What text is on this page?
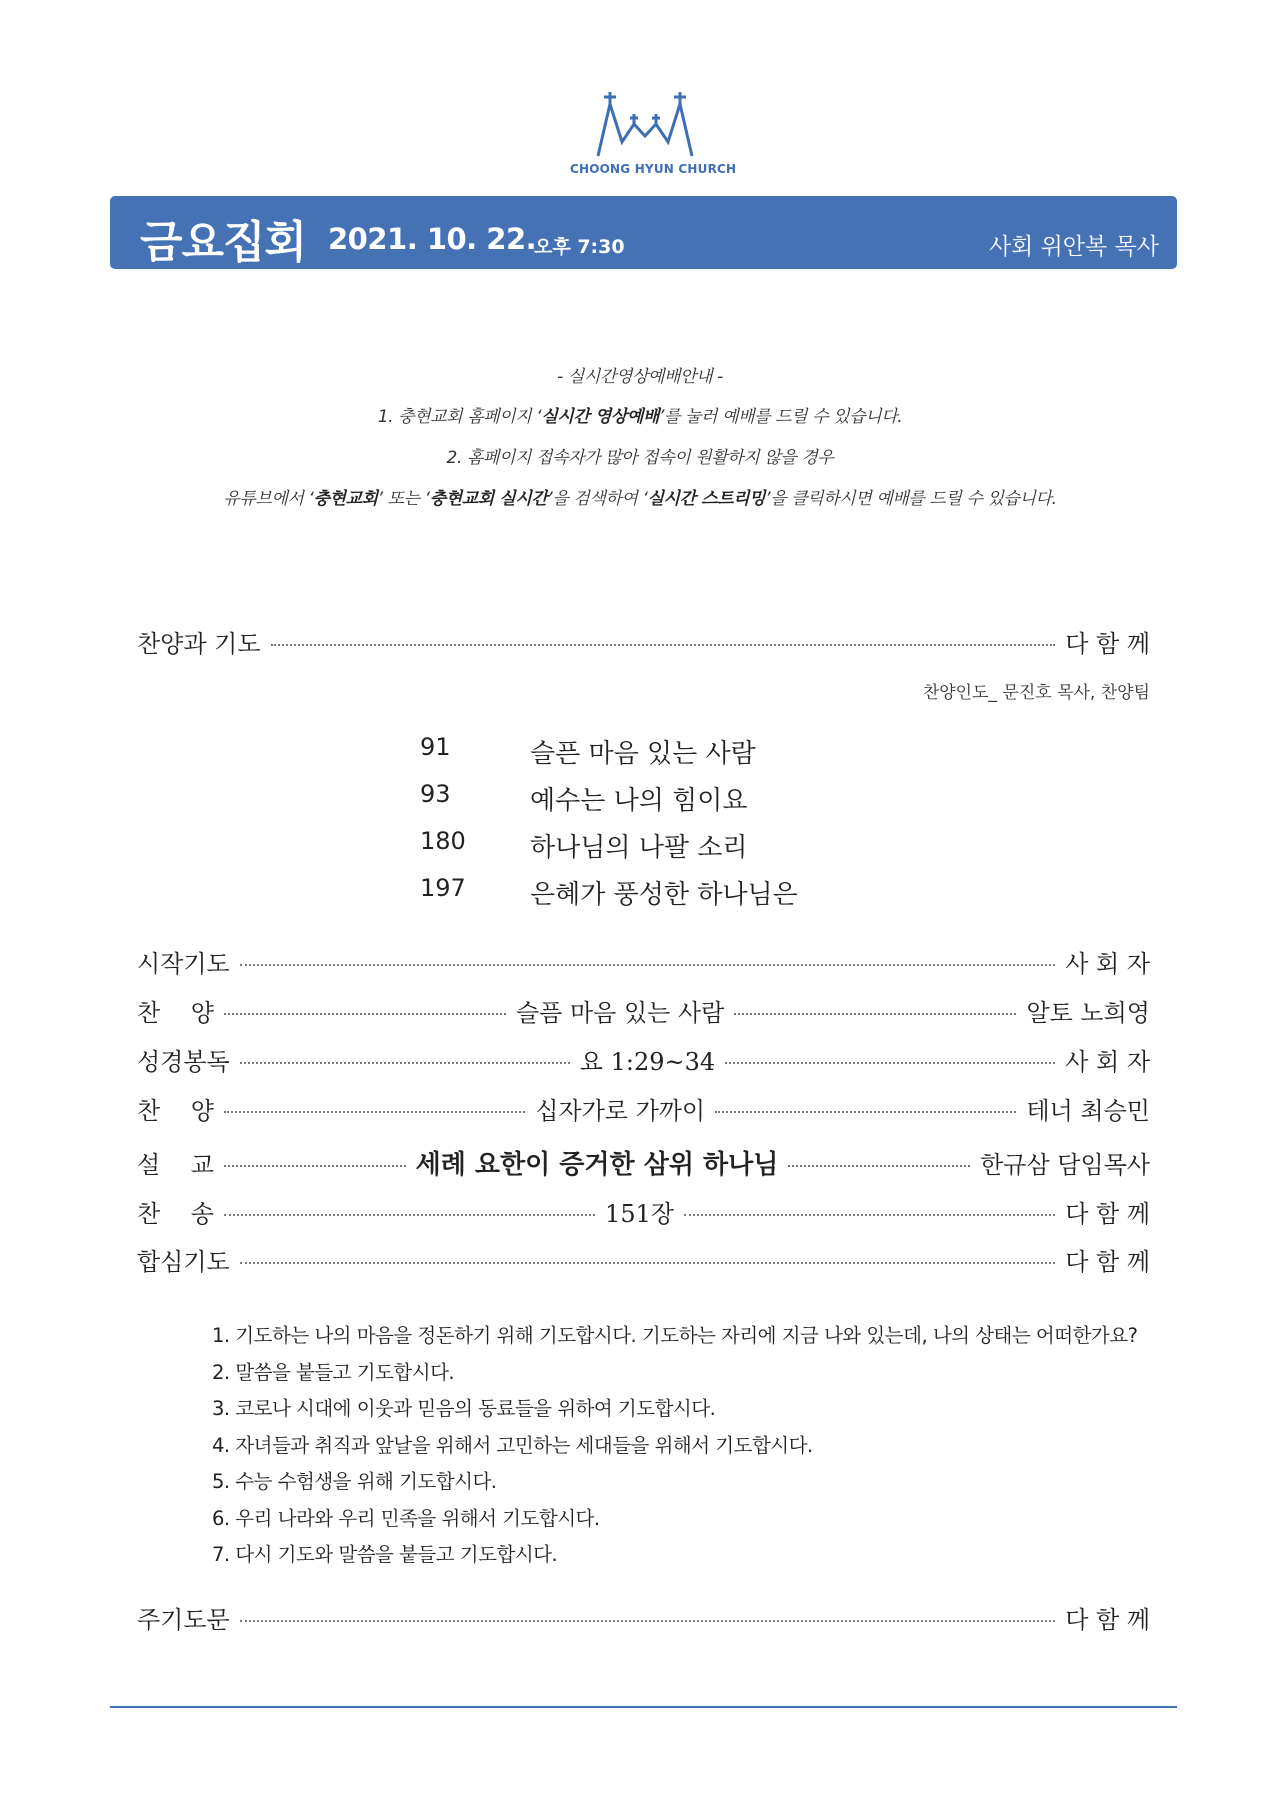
CHOONG HYUN CHURCH
금요집회 2021. 10. 22.
오후 7:30	사회 위안복 목사
- 실시간영상예배안내 -
1. 충현교회 홈페이지 ‘실시간 영상예배’를 눌러 예배를 드릴 수 있습니다.
2. 홈페이지 접속자가 많아 접속이 원활하지 않을 경우
유튜브에서 ‘충현교회’ 또는 ‘충현교회 실시간’을 검색하여 ‘실시간 스트리밍’을 클릭하시면 예배를 드릴 수 있습니다.
찬양과 기도	다 함 께
찬양인도_ 문진호 목사, 찬양팀
91	슬픈 마음 있는 사람
93	예수는 나의 힘이요
180	하나님의 나팔 소리
197	은혜가 풍성한 하나님은
시작기도	사 회 자
찬    양	슬픔 마음 있는 사람	알토 노희영
성경봉독	요 1:29~34	사 회 자
찬    양	십자가로 가까이	테너 최승민
설    교	세례 요한이 증거한 삼위 하나님	한규삼 담임목사
찬    송	151장	다 함 께
합심기도	다 함 께
1. 기도하는 나의 마음을 정돈하기 위해 기도합시다. 기도하는 자리에 지금 나와 있는데, 나의 상태는 어떠한가요?
2. 말씀을 붙들고 기도합시다.
3. 코로나 시대에 이웃과 믿음의 동료들을 위하여 기도합시다.
4. 자녀들과 취직과 앞날을 위해서 고민하는 세대들을 위해서 기도합시다.
5. 수능 수험생을 위해 기도합시다.
6. 우리 나라와 우리 민족을 위해서 기도합시다.
7. 다시 기도와 말씀을 붙들고 기도합시다.
주기도문	다 함 께
